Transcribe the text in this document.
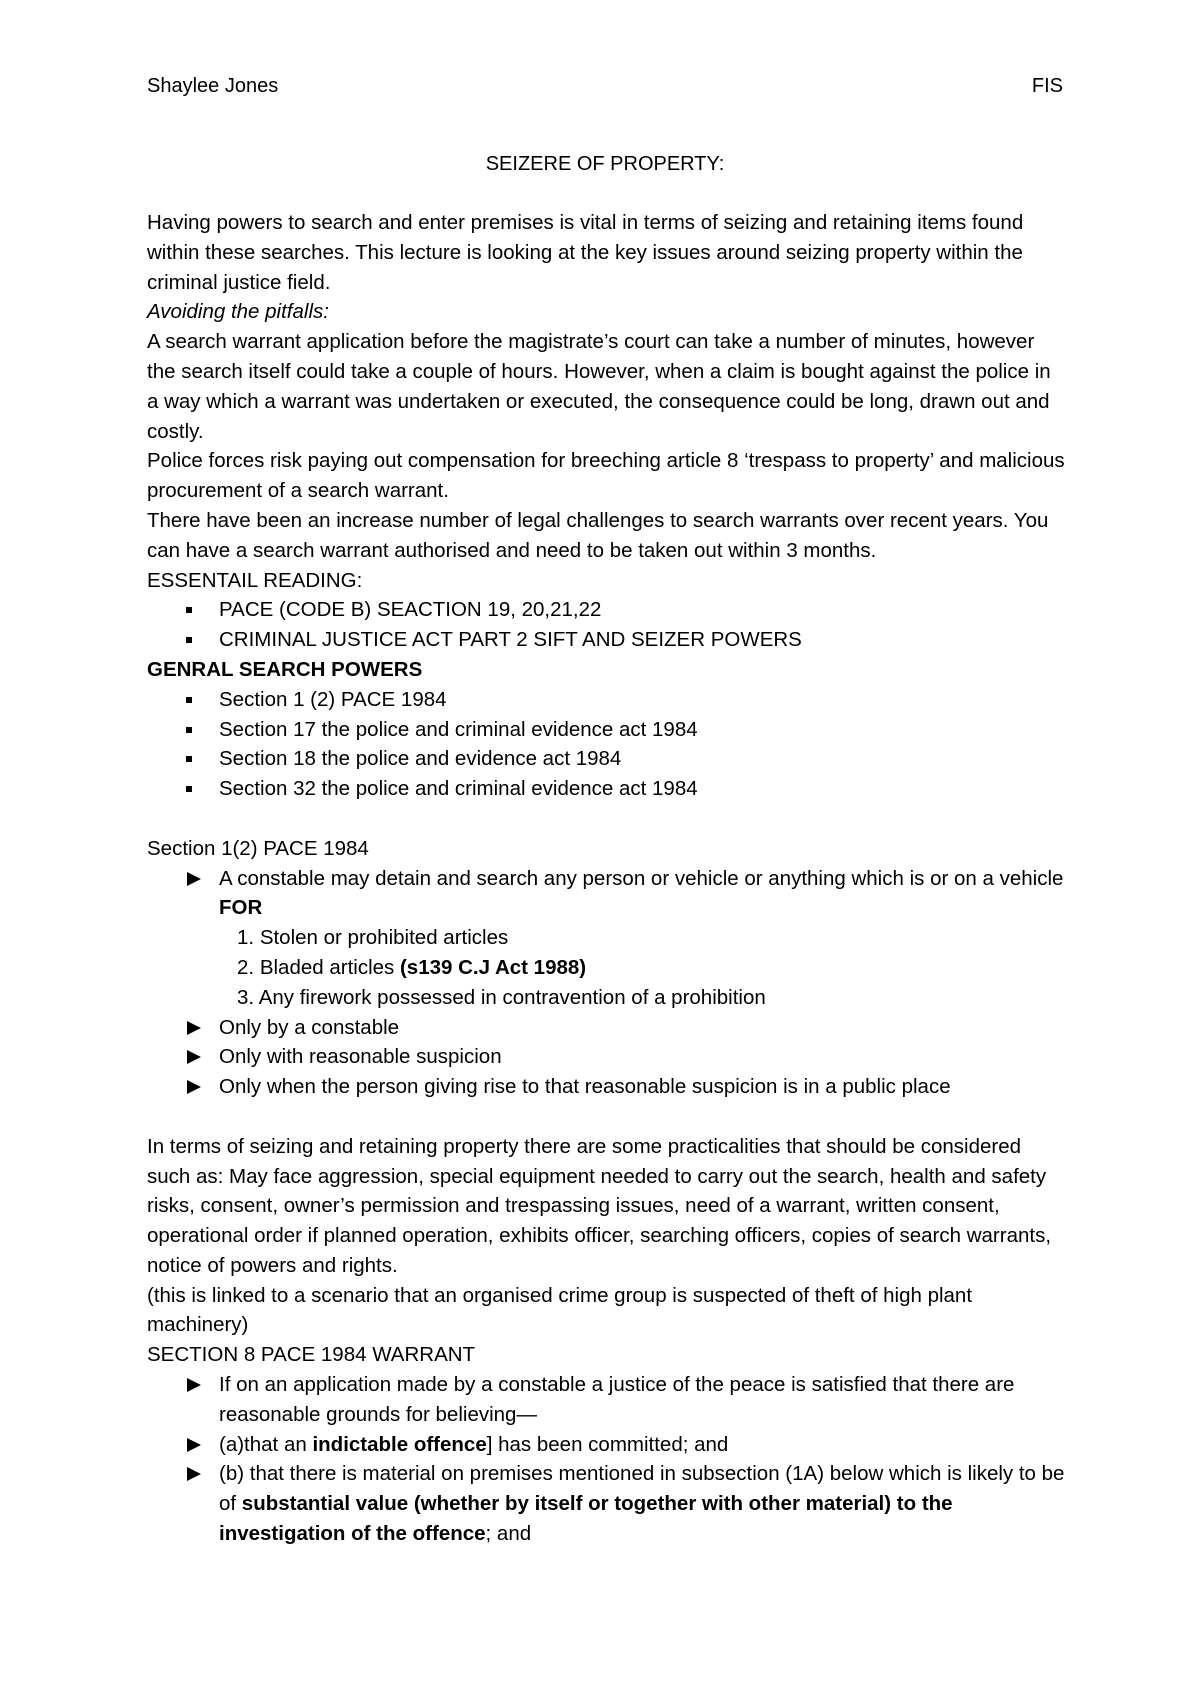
Shaylee Jones	FIS
SEIZERE OF PROPERTY:

Having powers to search and enter premises is vital in terms of seizing and retaining items found within these searches. This lecture is looking at the key issues around seizing property within the criminal justice field.

Avoiding the pitfalls:

A search warrant application before the magistrate’s court can take a number of minutes, however the search itself could take a couple of hours. However, when a claim is bought against the police in a way which a warrant was undertaken or executed, the consequence could be long, drawn out and costly.

Police forces risk paying out compensation for breeching article 8 ‘trespass to property’ and malicious procurement of a search warrant.

There have been an increase number of legal challenges to search warrants over recent years. You can have a search warrant authorised and need to be taken out within 3 months.

ESSENTAIL READING:

PACE (CODE B) SEACTION 19, 20,21,22
CRIMINAL JUSTICE ACT PART 2 SIFT AND SEIZER POWERS

GENRAL SEARCH POWERS

Section 1 (2) PACE 1984
Section 17 the police and criminal evidence act 1984
Section 18 the police and evidence act 1984
Section 32 the police and criminal evidence act 1984

Section 1(2) PACE 1984

A constable may detain and search any person or vehicle or anything which is or on a vehicle FOR
1. Stolen or prohibited articles
2. Bladed articles (s139 C.J Act 1988)
3. Any firework possessed in contravention of a prohibition
Only by a constable
Only with reasonable suspicion
Only when the person giving rise to that reasonable suspicion is in a public place

In terms of seizing and retaining property there are some practicalities that should be considered such as: May face aggression, special equipment needed to carry out the search, health and safety risks, consent, owner’s permission and trespassing issues, need of a warrant, written consent, operational order if planned operation, exhibits officer, searching officers, copies of search warrants, notice of powers and rights.

(this is linked to a scenario that an organised crime group is suspected of theft of high plant machinery)

SECTION 8 PACE 1984 WARRANT

If on an application made by a constable a justice of the peace is satisfied that there are reasonable grounds for believing—
(a)that an indictable offence] has been committed; and
(b) that there is material on premises mentioned in subsection (1A) below which is likely to be of substantial value (whether by itself or together with other material) to the investigation of the offence; and
